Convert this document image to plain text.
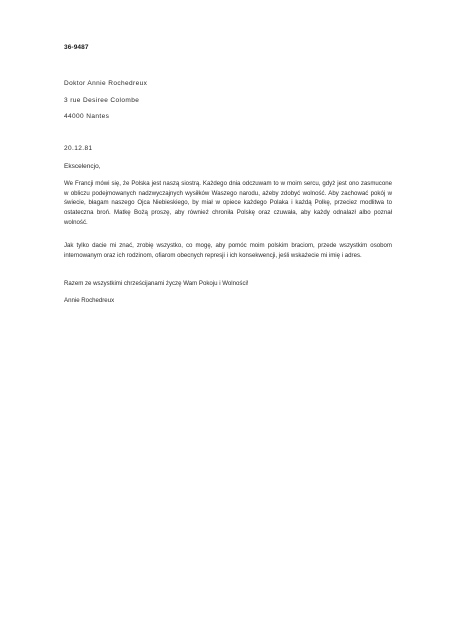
36-9487
Doktor Annie Rochedreux
3 rue Desiree Colombe
44000 Nantes
20.12.81
Ekscelencjo,

We Francji mówi się, że Polska jest naszą siostrą. Każdego dnia odczuwam to w moim sercu, gdyż jest ono zasmucone w obliczu podejmowanych nadzwyczajnych wysiłków Waszego narodu, ażeby zdobyć wolność. Aby zachować pokój w świecie, błagam naszego Ojca Niebieskiego, by miał w opiece każdego Polaka i każdą Polkę, przeciez modlitwa to ostateczna broń. Matkę Bożą proszę, aby również chroniła Polskę oraz czuwała, aby każdy odnalazł albo poznał wolność.

Jak tylko dacie mi znać, zrobię wszystko, co mogę, aby pomóc moim polskim braciom, przede wszystkim osobom internowanym oraz ich rodzinom, ofiarom obecnych represji i ich konsekwencji, jeśli wskażecie mi imię i adres.

Razem ze wszystkimi chrześcijanami życzę Wam Pokoju i Wolności!
Annie Rochedreux
